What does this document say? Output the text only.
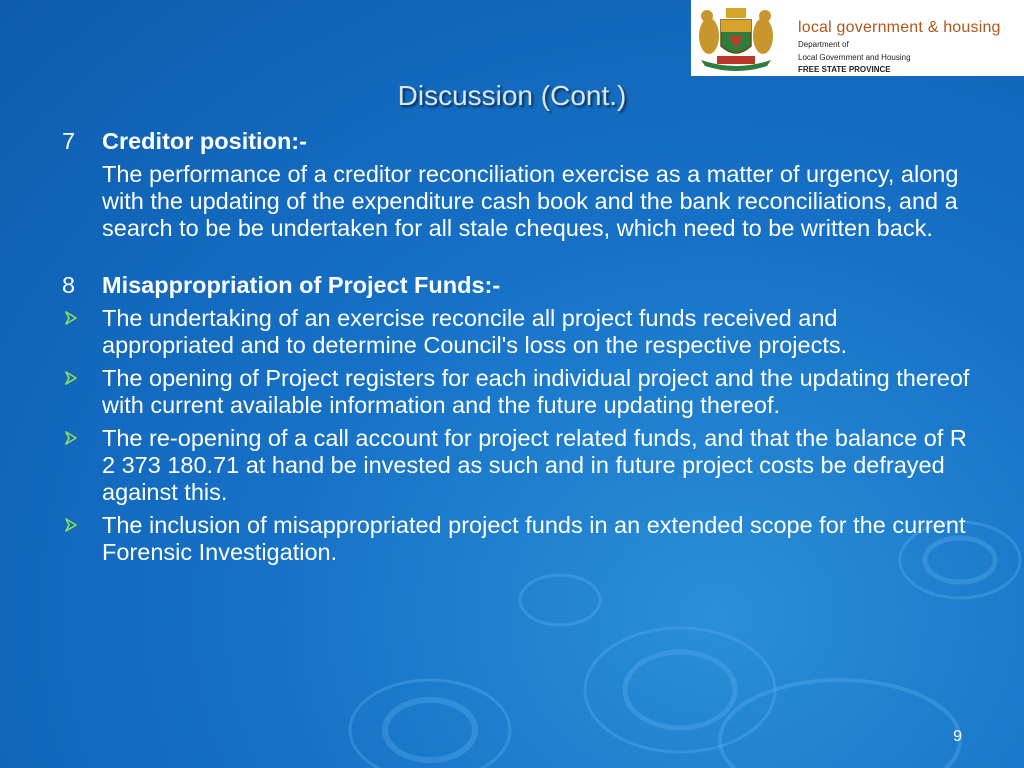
local government & housing
Department of
Local Government and Housing
FREE STATE PROVINCE
Discussion (Cont.)
7 Creditor position:-
The performance of a creditor reconciliation exercise as a matter of urgency, along with the updating of the expenditure cash book and the bank reconciliations, and a search to be be undertaken for all stale cheques, which need to be written back.
8 Misappropriation of Project Funds:-
The undertaking of an exercise reconcile all project funds received and appropriated and to determine Council's loss on the respective projects.
The opening of Project registers for each individual project and the updating thereof with current available information and the future updating thereof.
The re-opening of a call account for project related funds, and that the balance of R 2 373 180.71 at hand be invested as such and in future project costs be defrayed against this.
The inclusion of misappropriated project funds in an extended scope for the current Forensic Investigation.
9
